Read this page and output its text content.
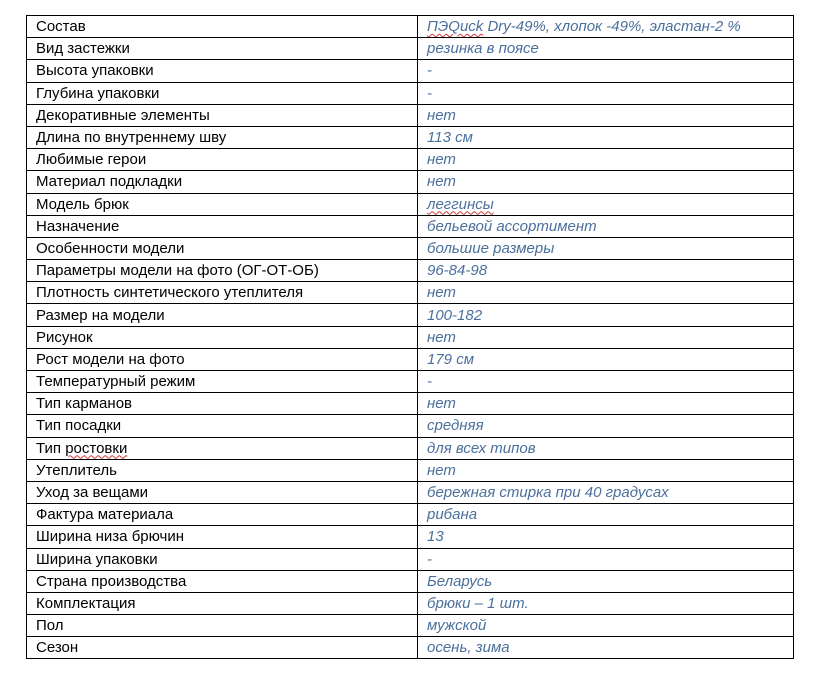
Состав	ПЭQuck Dry-49%, хлопок -49%, эластан-2 %
Вид застежки	резинка в поясе
Высота упаковки	-
Глубина упаковки	-
Декоративные элементы	нет
Длина по внутреннему шву	113 см
Любимые герои	нет
Материал подкладки	нет
Модель брюк	леггинсы
Назначение	бельевой ассортимент
Особенности модели	большие размеры
Параметры модели на фото (ОГ-ОТ-ОБ)	96-84-98
Плотность синтетического утеплителя	нет
Размер на модели	100-182
Рисунок	нет
Рост модели на фото	179 см
Температурный режим	-
Тип карманов	нет
Тип посадки	средняя
Тип ростовки	для всех типов
Утеплитель	нет
Уход за вещами	бережная стирка при 40 градусах
Фактура материала	рибана
Ширина низа брючин	13
Ширина упаковки	-
Страна производства	Беларусь
Комплектация	брюки – 1 шт.
Пол	мужской
Сезон	осень, зима
